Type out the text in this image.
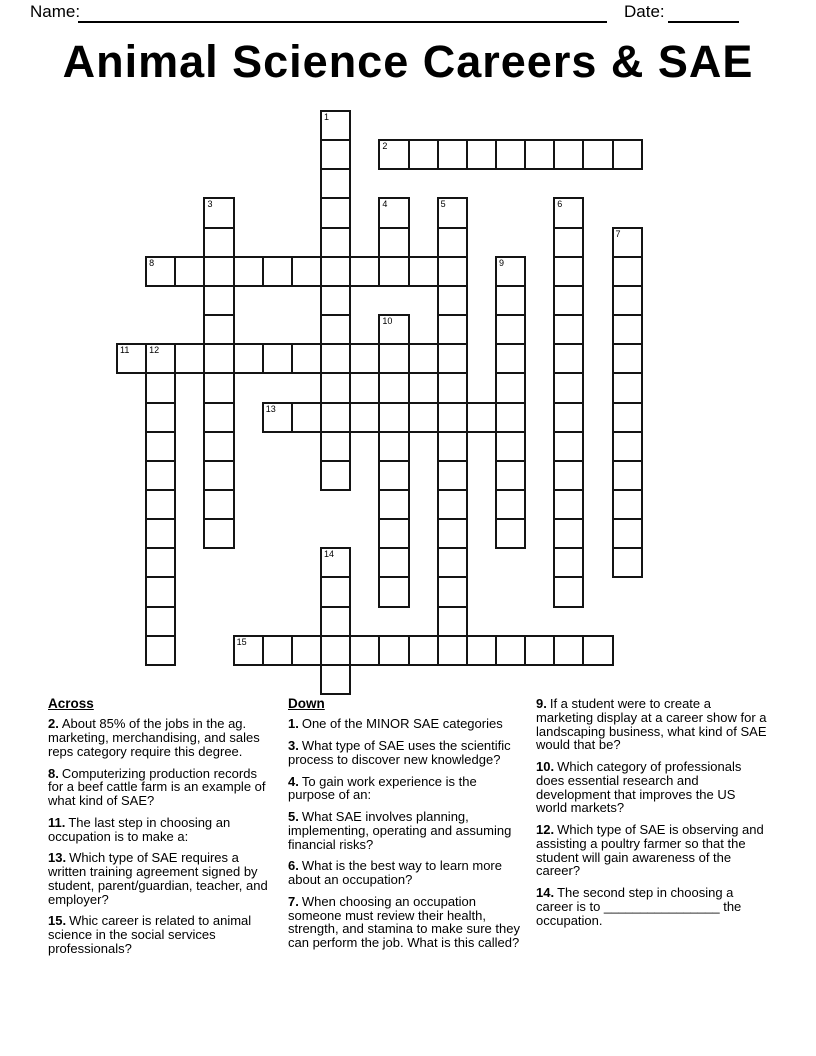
Name:	Date:
Animal Science Careers & SAE
1
2
3	4	5	6
7
8	9
10
11 12
13
14
15

Across

2. About 85% of the jobs in the ag. marketing, merchandising, and sales reps category require this degree.

8. Computerizing production records for a beef cattle farm is an example of what kind of SAE?

11. The last step in choosing an occupation is to make a:

13. Which type of SAE requires a written training agreement signed by student, parent/guardian, teacher, and employer?

15. Whic career is related to animal science in the social services professionals?

Down

1. One of the MINOR SAE categories

3. What type of SAE uses the scientific process to discover new knowledge?

4. To gain work experience is the purpose of an:

5. What SAE involves planning, implementing, operating and assuming financial risks?

6. What is the best way to learn more about an occupation?

7. When choosing an occupation someone must review their health, strength, and stamina to make sure they can perform the job. What is this called?

9. If a student were to create a marketing display at a career show for a landscaping business, what kind of SAE would that be?

10. Which category of professionals does essential research and development that improves the US world markets?

12. Which type of SAE is observing and assisting a poultry farmer so that the student will gain awareness of the career?

14. The second step in choosing a career is to ________________ the occupation.
